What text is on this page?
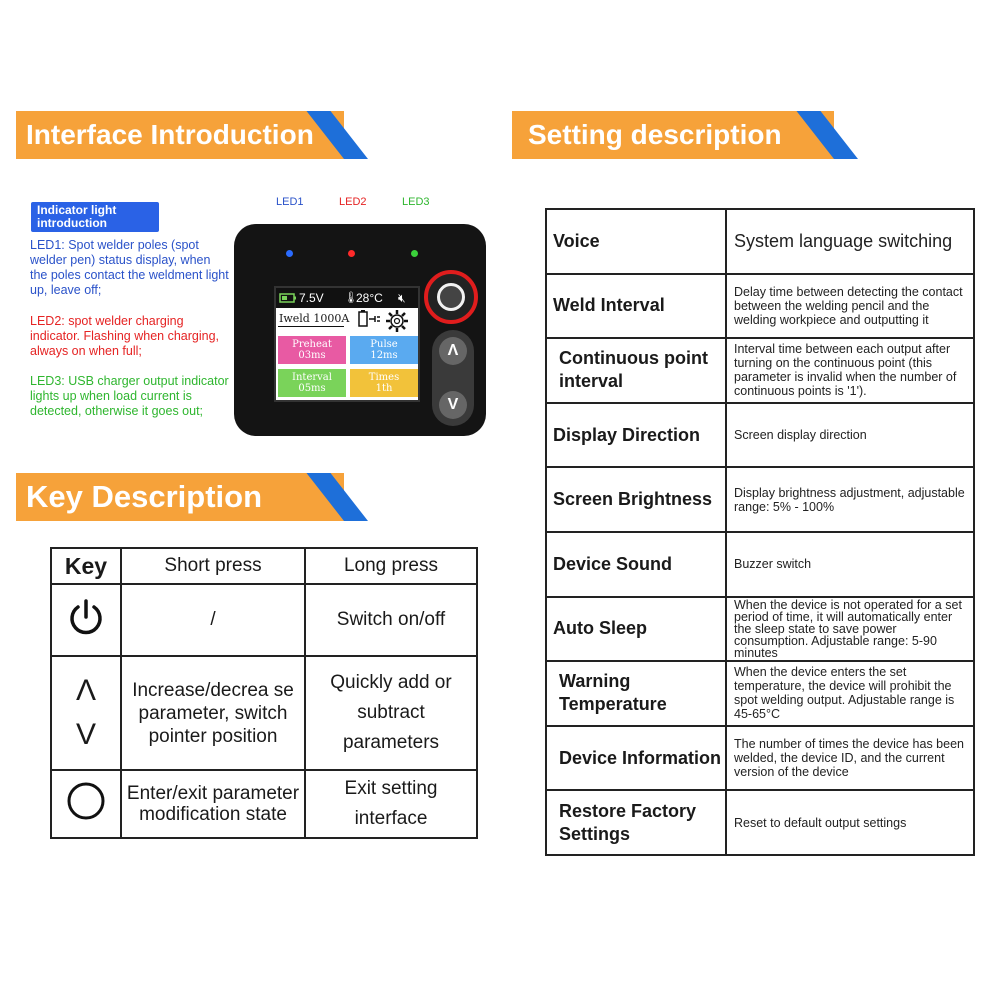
Interface Introduction	Setting description
Key Description
Indicator light introduction
LED1: Spot welder poles (spot welder pen) status display, when the poles contact the weldment light up, leave off;
LED2: spot welder charging indicator. Flashing when charging, always on when full;
LED3: USB charger output indicator lights up when load current is detected, otherwise it goes out;
LED1	LED2	LED3
7.5V 🌡
28°C 🔇︎
Iweld 1000A
Preheat
03ms
Pulse
12ms
Interval
05ms
Times
1th
Λ
V
Key	Short press	Long press
	/	Switch on/off

Λ
V	Increase/decrea se parameter, switch pointer position	Quickly add or subtract parameters
	Enter/exit parameter modification state	Exit setting interface
Voice	System language switching
Weld Interval	Delay time between detecting the contact between the welding pencil and the welding workpiece and outputting it
Continuous point interval	Interval time between each output after turning on the continuous point (this parameter is invalid when the number of continuous points is '1').
Display Direction	Screen display direction
Screen Brightness	Display brightness adjustment, adjustable range: 5% - 100%
Device Sound	Buzzer switch
Auto Sleep	When the device is not operated for a set period of time, it will automatically enter the sleep state to save power consumption. Adjustable range: 5-90 minutes
Warning Temperature	When the device enters the set temperature, the device will prohibit the spot welding output. Adjustable range is 45-65°C
Device Information	The number of times the device has been welded, the device ID, and the current version of the device
Restore Factory Settings	Reset to default output settings
